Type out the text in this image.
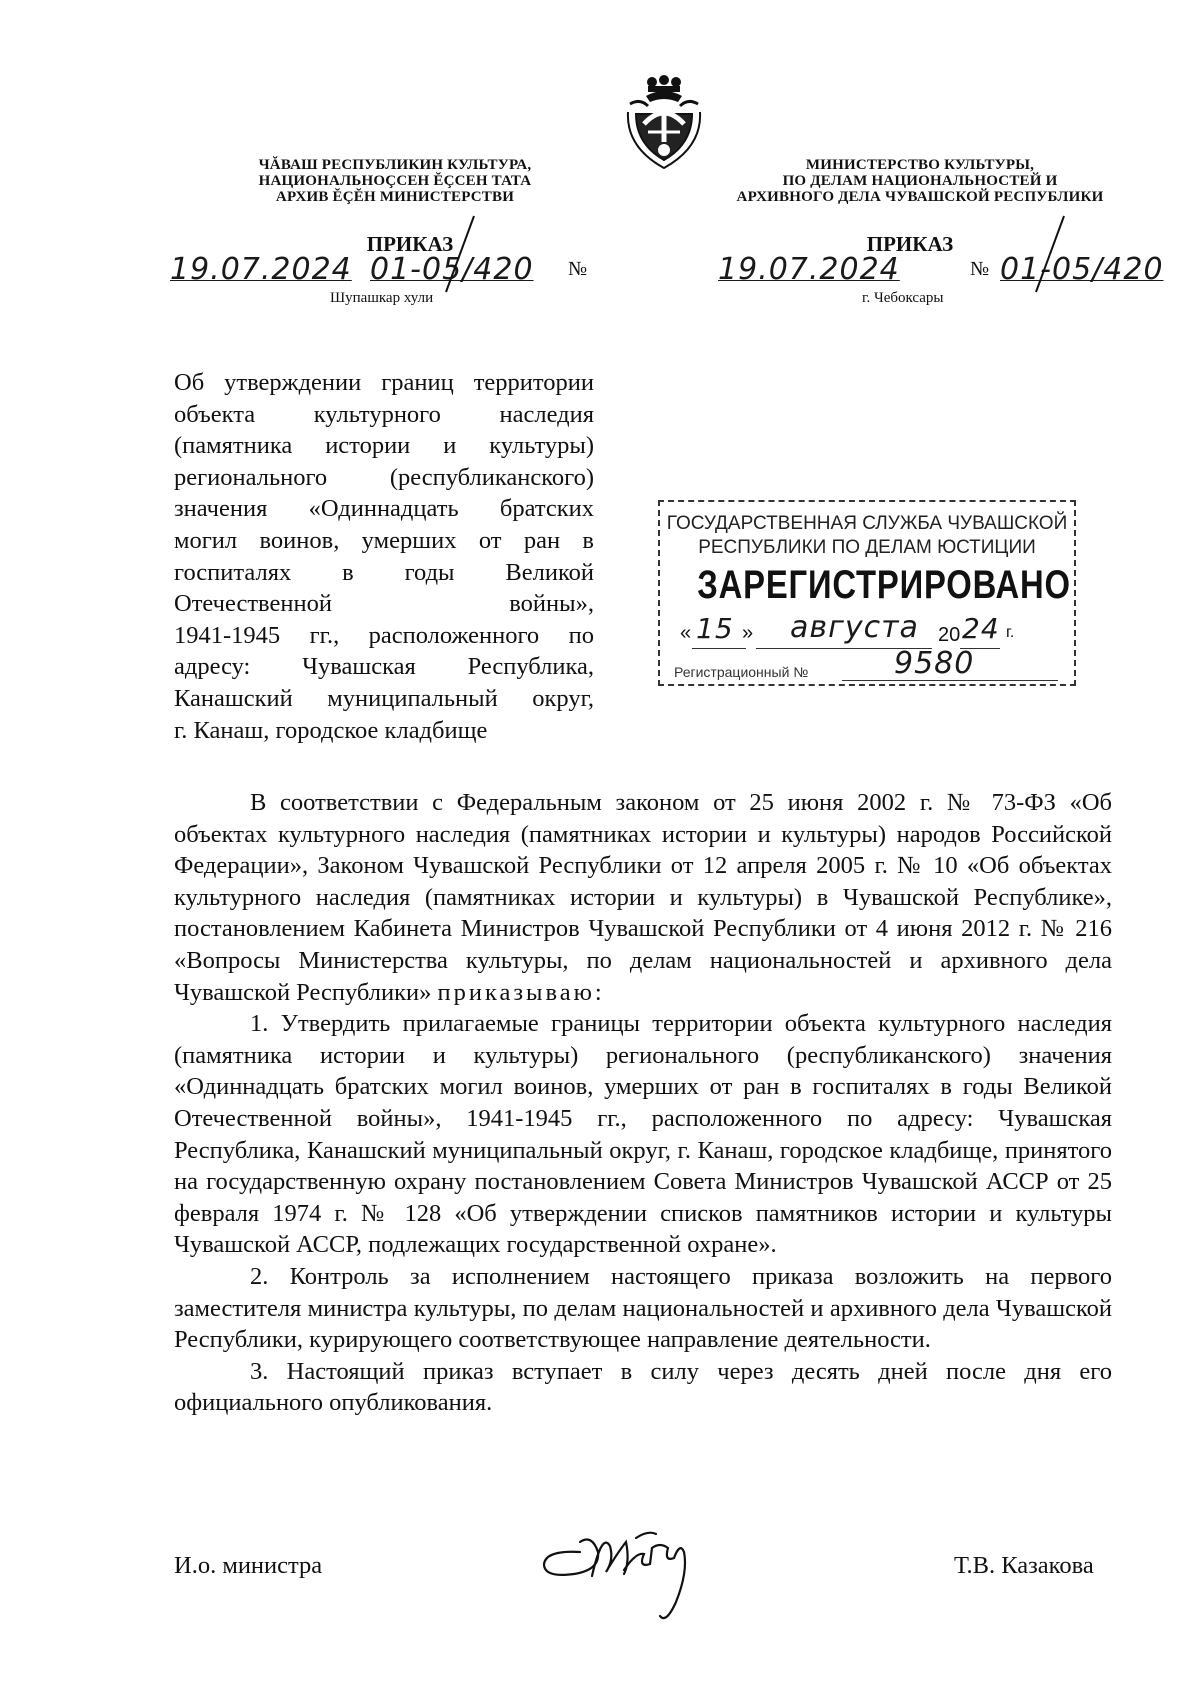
ЧĂВАШ РЕСПУБЛИКИН КУЛЬТУРА,
НАЦИОНАЛЬНОÇСЕН ĔÇСЕН ТАТА
АРХИВ ĔÇĔН МИНИСТЕРСТВИ
ПРИКАЗ
19.07.2024 01-05/420 №
Шупашкар хули
МИНИСТЕРСТВО КУЛЬТУРЫ,
ПО ДЕЛАМ НАЦИОНАЛЬНОСТЕЙ И
АРХИВНОГО ДЕЛА ЧУВАШСКОЙ РЕСПУБЛИКИ
ПРИКАЗ
19.07.2024	№ 01-05/420
г. Чебоксары
Об утверждении границ территории
объекта культурного наследия
(памятника истории и культуры)
регионального (республиканского)
значения «Одиннадцать братских
могил воинов, умерших от ран в
госпиталях в годы Великой
Отечественной войны»,
1941-1945 гг., расположенного по
адресу: Чувашская Республика,
Канашский муниципальный округ,
г. Канаш, городское кладбище
ГОСУДАРСТВЕННАЯ СЛУЖБА ЧУВАШСКОЙ
РЕСПУБЛИКИ ПО ДЕЛАМ ЮСТИЦИИ
ЗАРЕГИСТРИРОВАНО
« 15 » августа 20 24 г.
Регистрационный №	9580

В соответствии с Федеральным законом от 25 июня 2002 г. № 73-ФЗ «Об объектах культурного наследия (памятниках истории и культуры) народов Российской Федерации», Законом Чувашской Республики от 12 апреля 2005 г. № 10 «Об объектах культурного наследия (памятниках истории и культуры) в Чувашской Республике», постановлением Кабинета Министров Чувашской Республики от 4 июня 2012 г. № 216 «Вопросы Министерства культуры, по делам национальностей и архивного дела Чувашской Республики» приказываю:

1. Утвердить прилагаемые границы территории объекта культурного наследия (памятника истории и культуры) регионального (республиканского) значения «Одиннадцать братских могил воинов, умерших от ран в госпиталях в годы Великой Отечественной войны», 1941-1945 гг., расположенного по адресу: Чувашская Республика, Канашский муниципальный округ, г. Канаш, городское кладбище, принятого на государственную охрану постановлением Совета Министров Чувашской АССР от 25 февраля 1974 г. № 128 «Об утверждении списков памятников истории и культуры Чувашской АССР, подлежащих государственной охране».

2. Контроль за исполнением настоящего приказа возложить на первого заместителя министра культуры, по делам национальностей и архивного дела Чувашской Республики, курирующего соответствующее направление деятельности.

3. Настоящий приказ вступает в силу через десять дней после дня его официального опубликования.

И.о. министра	Т.В. Казакова
